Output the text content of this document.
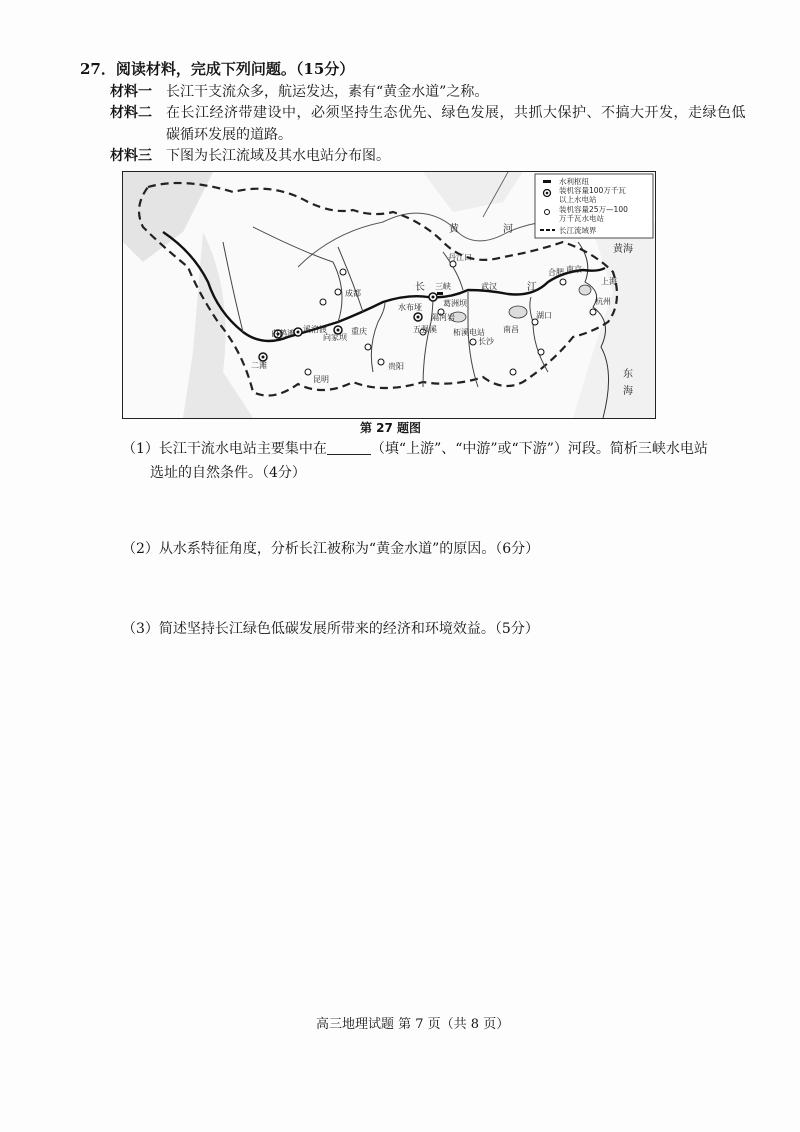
27．阅读材料，完成下列问题。（15分）
材料一 长江干支流众多，航运发达，素有“黄金水道”之称。
材料二 在长江经济带建设中，必须坚持生态优先、绿色发展，共抓大保护、不搞大开发，走绿色低
碳循环发展的道路。
材料三 下图为长江流域及其水电站分布图。
黄	河
长	江
成都
重庆
贵阳
昆明
武汉
长沙
南昌
合肥 南京
上海
杭州
三峡
葛洲坝
丹江口
水布垭
隔河岩
五强溪
溪洛渡
向家坝
二滩
白鹤滩	柘溪电站
湖口
黄海
东
海
水利枢纽
装机容量100万千瓦
以上水电站
装机容量25万—100
万千瓦水电站
长江流域界
第 27 题图
（1）长江干流水电站主要集中在	（填“上游”、“中游”或“下游”）河段。简析三峡水电站
选址的自然条件。（4分）
（2）从水系特征角度，分析长江被称为“黄金水道”的原因。（6分）
（3）简述坚持长江绿色低碳发展所带来的经济和环境效益。（5分）
高三地理试题 第 7 页（共 8 页）
